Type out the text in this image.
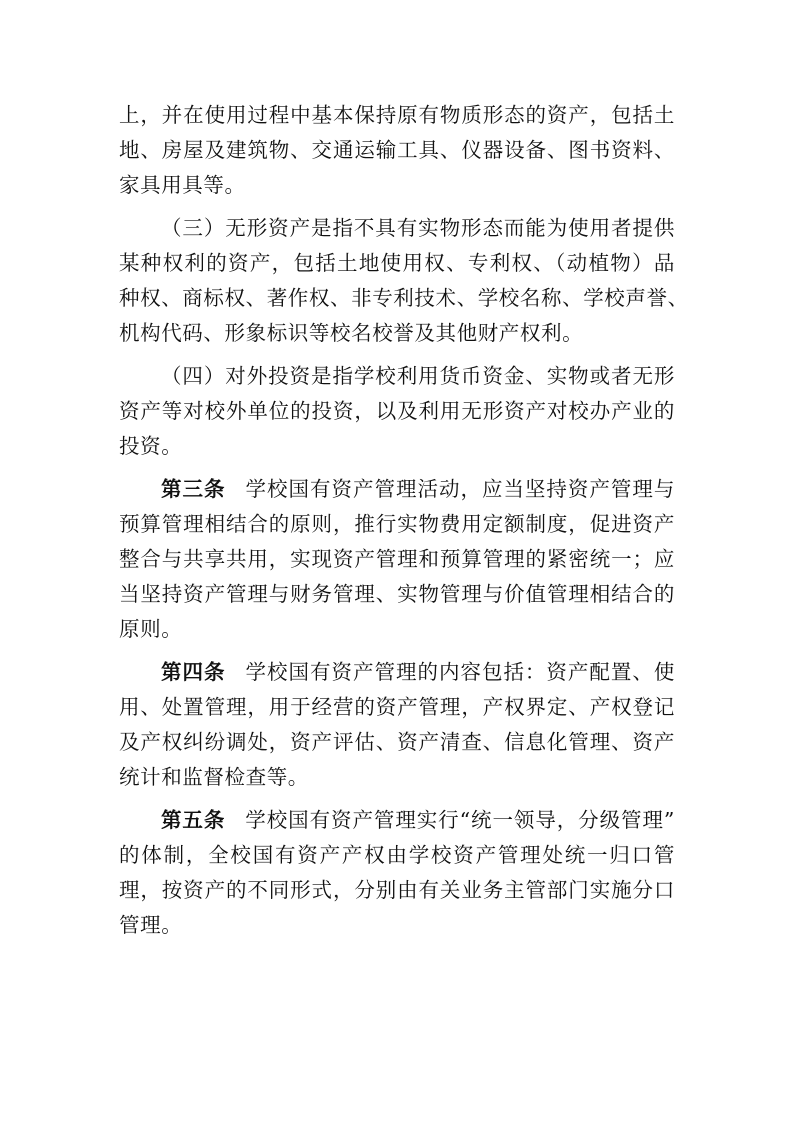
上，并在使用过程中基本保持原有物质形态的资产，包括土 地、房屋及建筑物、交通运输工具、仪器设备、图书资料、 家具用具等。
（三）无形资产是指不具有实物形态而能为使用者提供 某种权利的资产，包括土地使用权、专利权、（动植物）品 种权、商标权、著作权、非专利技术、学校名称、学校声誉、 机构代码、形象标识等校名校誉及其他财产权利。
（四）对外投资是指学校利用货币资金、实物或者无形 资产等对校外单位的投资，以及利用无形资产对校办产业的 投资。
第三条 学校国有资产管理活动，应当坚持资产管理与 预算管理相结合的原则，推行实物费用定额制度，促进资产 整合与共享共用，实现资产管理和预算管理的紧密统一；应 当坚持资产管理与财务管理、实物管理与价值管理相结合的 原则。
第四条 学校国有资产管理的内容包括：资产配置、使 用、处置管理，用于经营的资产管理，产权界定、产权登记 及产权纠纷调处，资产评估、资产清查、信息化管理、资产 统计和监督检查等。
第五条 学校国有资产管理实行“统一领导，分级管理” 的体制，全校国有资产产权由学校资产管理处统一归口管 理，按资产的不同形式，分别由有关业务主管部门实施分口 管理。
